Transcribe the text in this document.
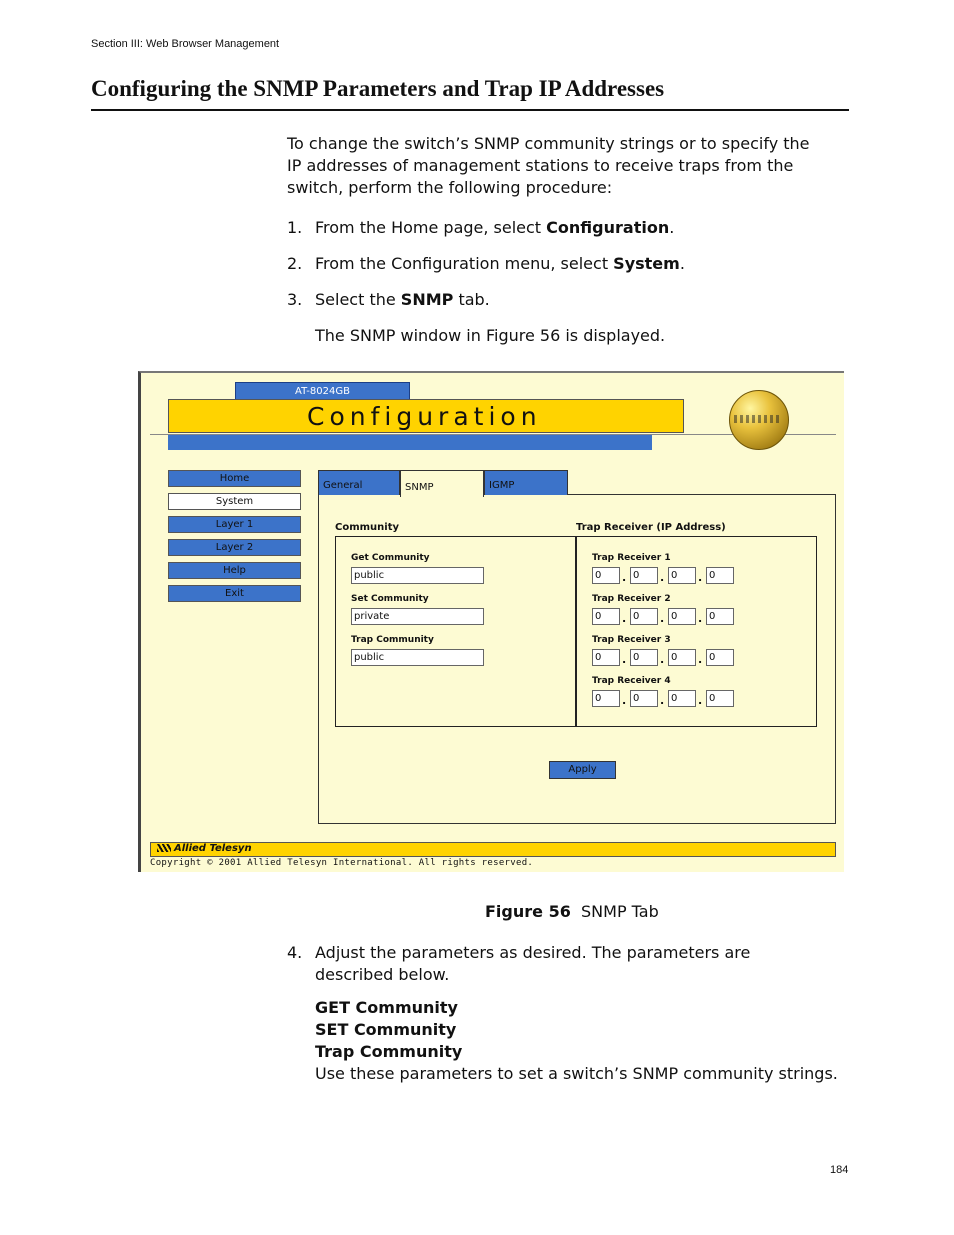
Section III: Web Browser Management
Configuring the SNMP Parameters and Trap IP Addresses
To change the switch’s SNMP community strings or to specify the IP addresses of management stations to receive traps from the switch, perform the following procedure:
1. From the Home page, select Configuration.
2. From the Configuration menu, select System.
3. Select the SNMP tab.
The SNMP window in Figure 56 is displayed.
AT-8024GB
Configuration
Home
System
Layer 1
Layer 2
Help
Exit
General	SNMP	IGMP
Community	Trap Receiver (IP Address)
Get Community
public
Set Community
private
Trap Community
public
Trap Receiver 1
0	. 0	. 0	. 0
Trap Receiver 2
0	. 0	. 0	. 0
Trap Receiver 3
0	. 0	. 0	. 0
Trap Receiver 4
0	. 0	. 0	. 0
Apply
Allied Telesyn
Copyright © 2001 Allied Telesyn International. All rights reserved.
Figure 56 SNMP Tab
4. Adjust the parameters as desired. The parameters are described below.
GET Community
SET Community
Trap Community
Use these parameters to set a switch’s SNMP community strings.
184
